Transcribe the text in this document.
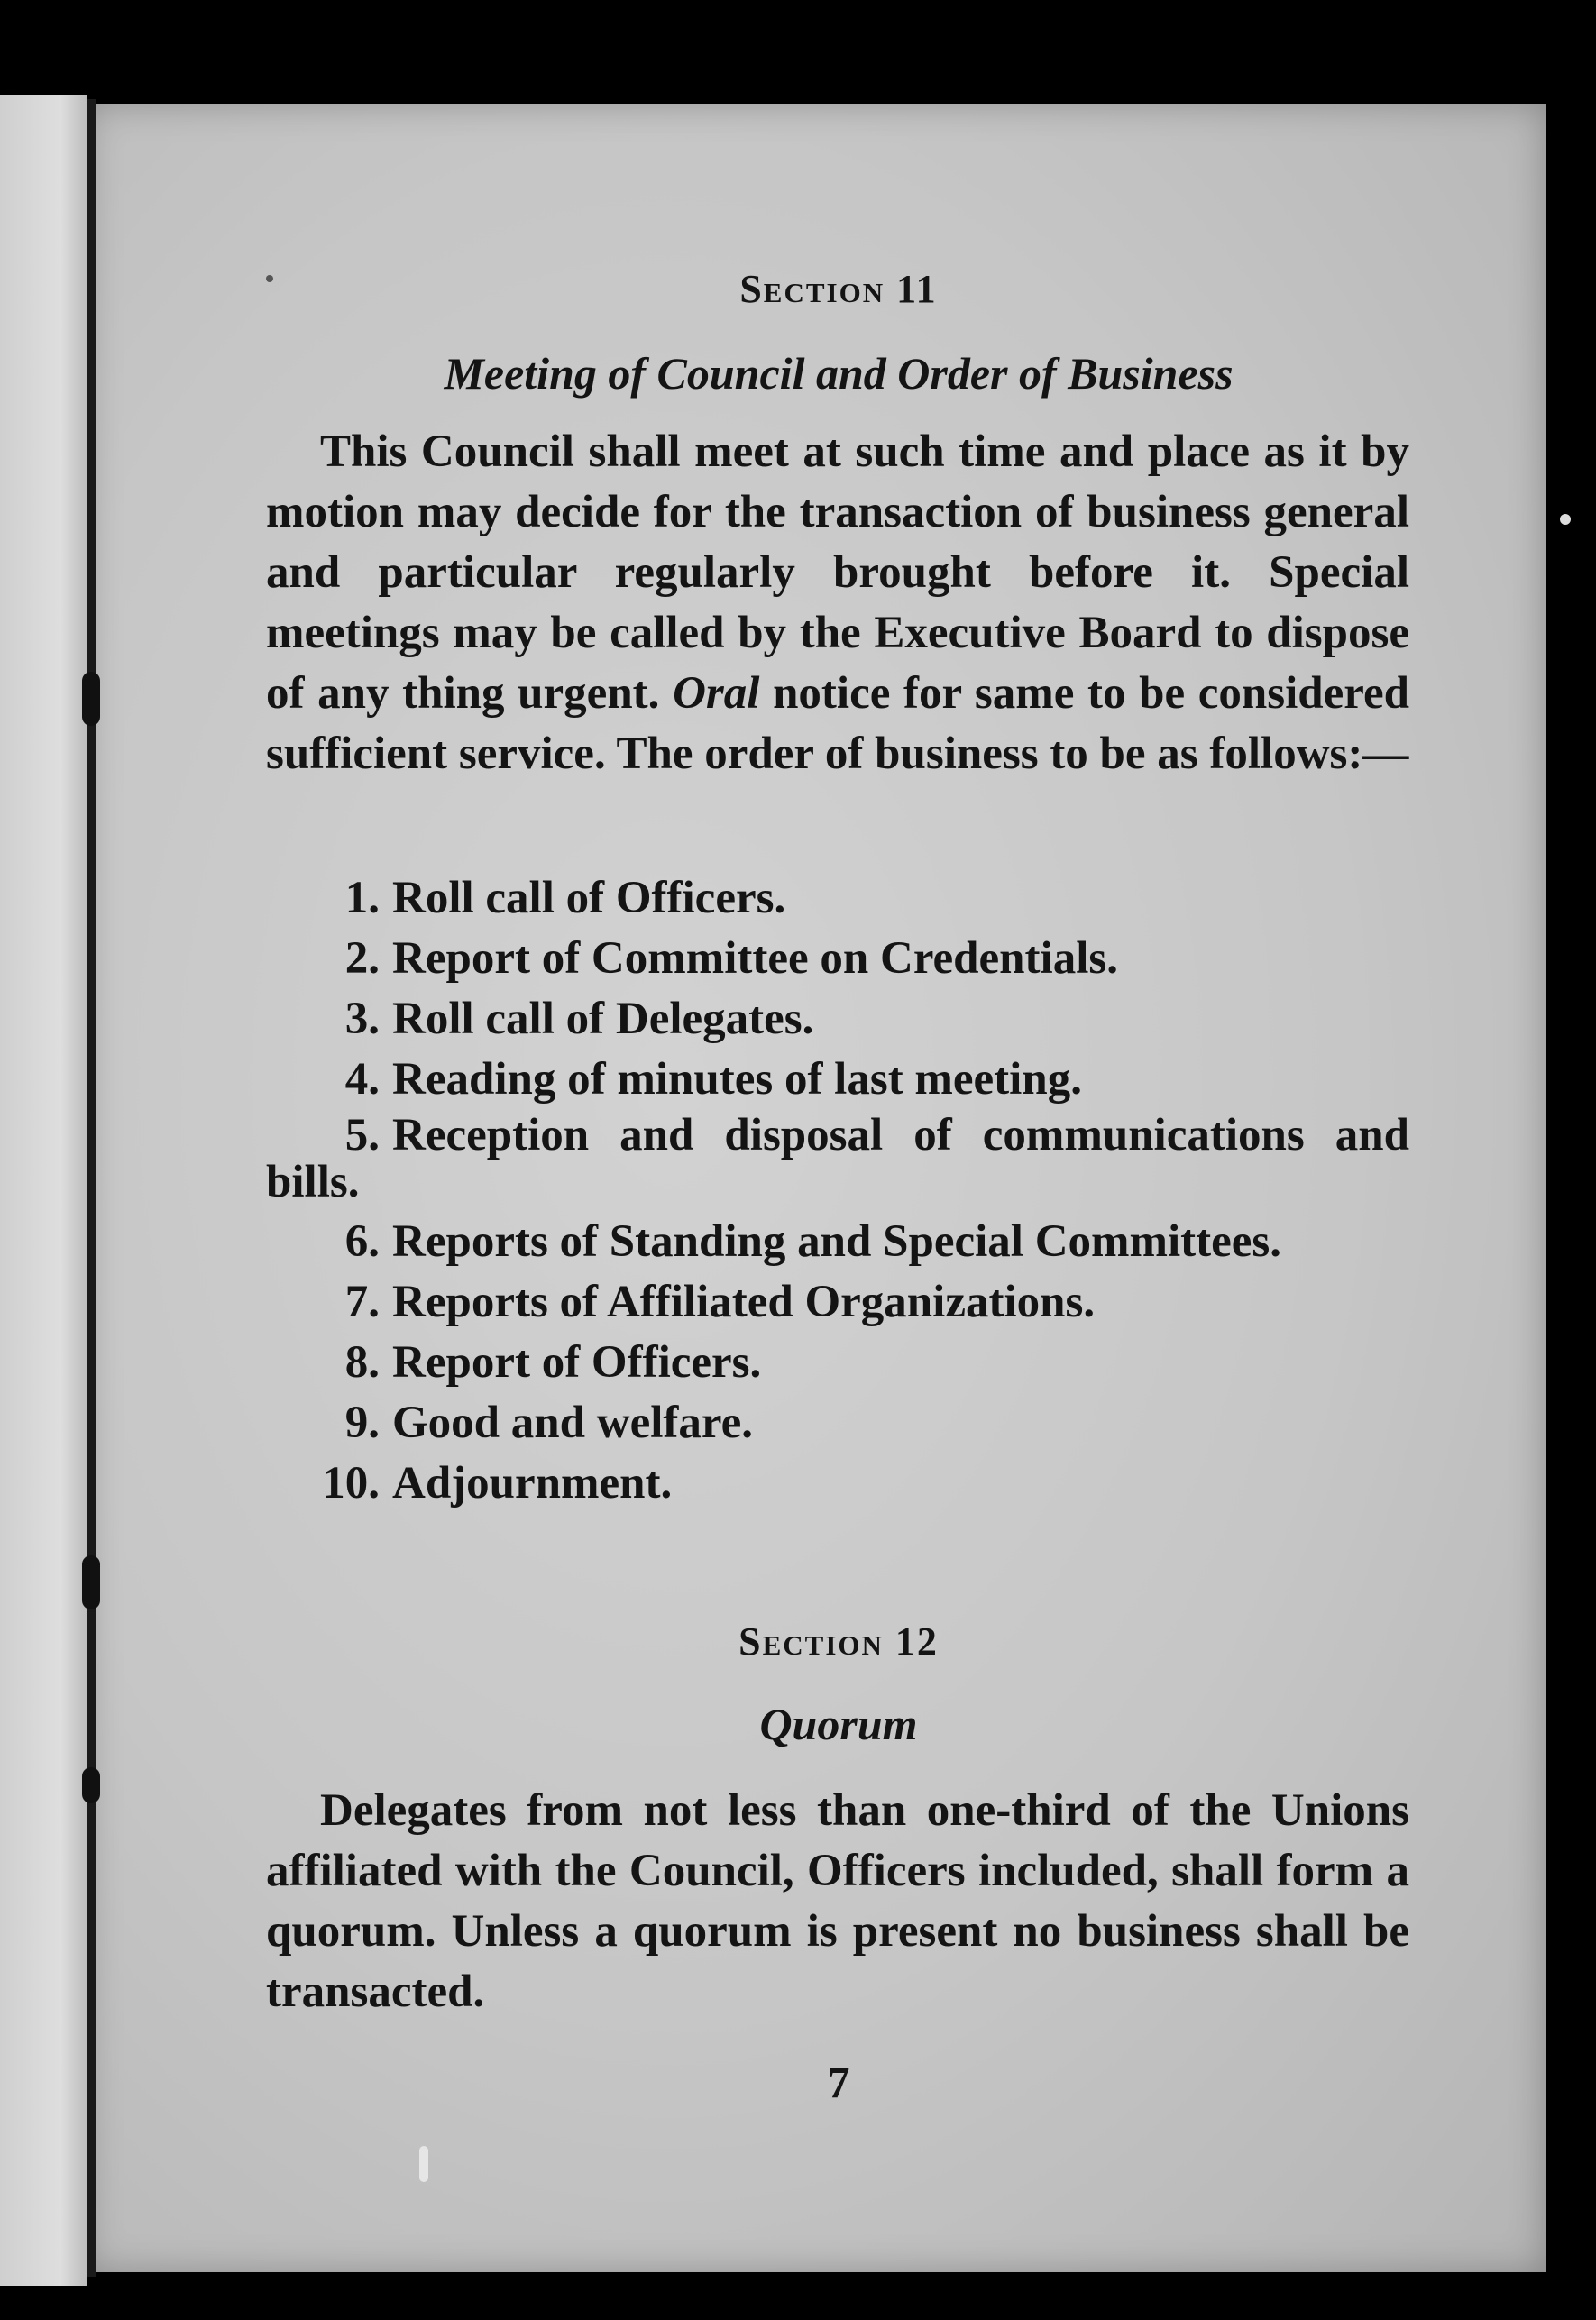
Section 11
Meeting of Council and Order of Business
This Council shall meet at such time and place as it by motion may decide for the transaction of business general and particular regularly brought before it. Special meetings may be called by the Executive Board to dispose of any thing urgent. Oral notice for same to be considered sufficient service. The order of business to be as follows:—
1. Roll call of Officers.
2. Report of Committee on Credentials.
3. Roll call of Delegates.
4. Reading of minutes of last meeting.
5. Reception and disposal of communications and bills.
6. Reports of Standing and Special Committees.
7. Reports of Affiliated Organizations.
8. Report of Officers.
9. Good and welfare.
10. Adjournment.
Section 12
Quorum
Delegates from not less than one-third of the Unions affiliated with the Council, Officers included, shall form a quorum. Unless a quorum is present no business shall be transacted.
7
